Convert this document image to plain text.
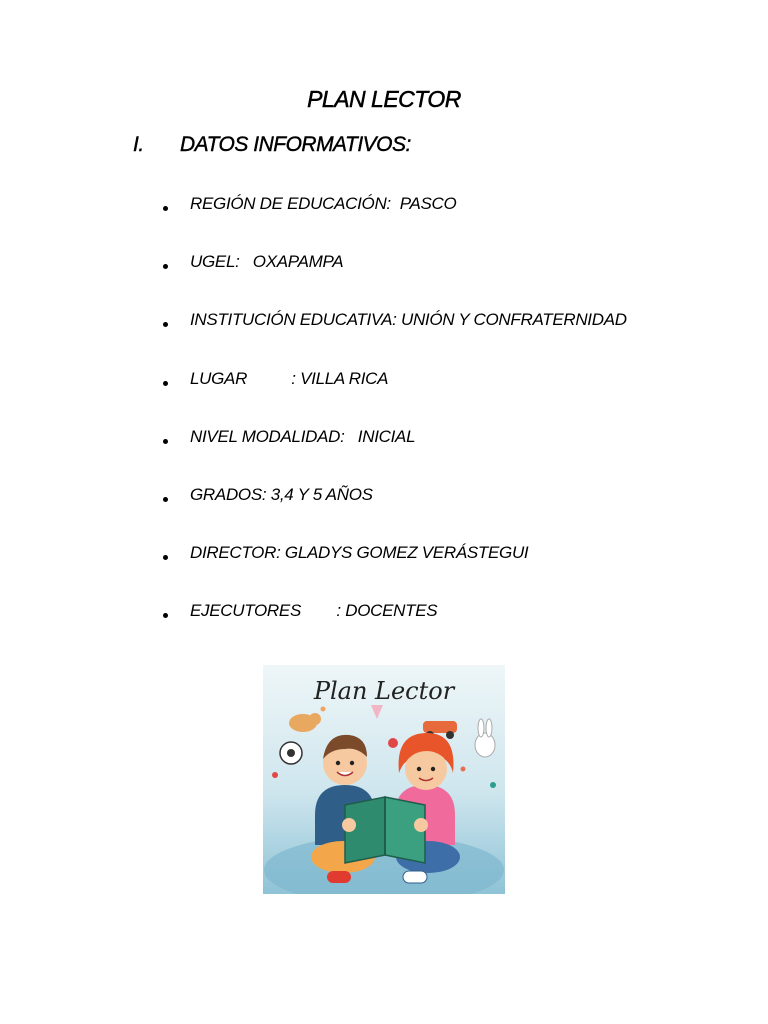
PLAN LECTOR
I. DATOS INFORMATIVOS:
REGIÓN DE EDUCACIÓN:  PASCO
UGEL:   OXAPAMPA
INSTITUCIÓN EDUCATIVA: UNIÓN Y CONFRATERNIDAD
LUGAR          : VILLA RICA
NIVEL MODALIDAD:   INICIAL
GRADOS: 3,4 Y 5 AÑOS
DIRECTOR: GLADYS GOMEZ VERÁSTEGUI
EJECUTORES        : DOCENTES
Plan Lector
